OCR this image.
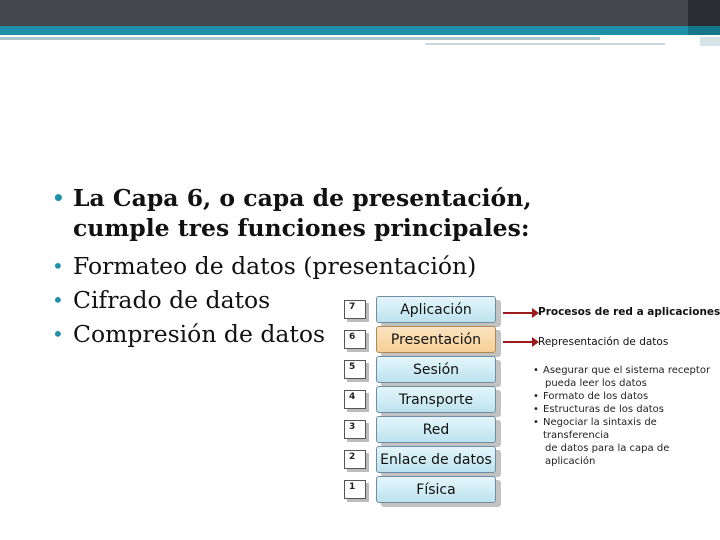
• La Capa 6, o capa de presentación, cumple tres funciones principales:
• Formateo de datos (presentación)
• Cifrado de datos
• Compresión de datos
7	Aplicación
6	Presentación
5	Sesión
4	Transporte
3	Red
2	Enlace de datos
1	Física
Procesos de red a aplicaciones
Representación de datos
• Asegurar que el sistema receptor
pueda leer los datos
• Formato de los datos
• Estructuras de los datos
• Negociar la sintaxis de transferencia
de datos para la capa de aplicación
